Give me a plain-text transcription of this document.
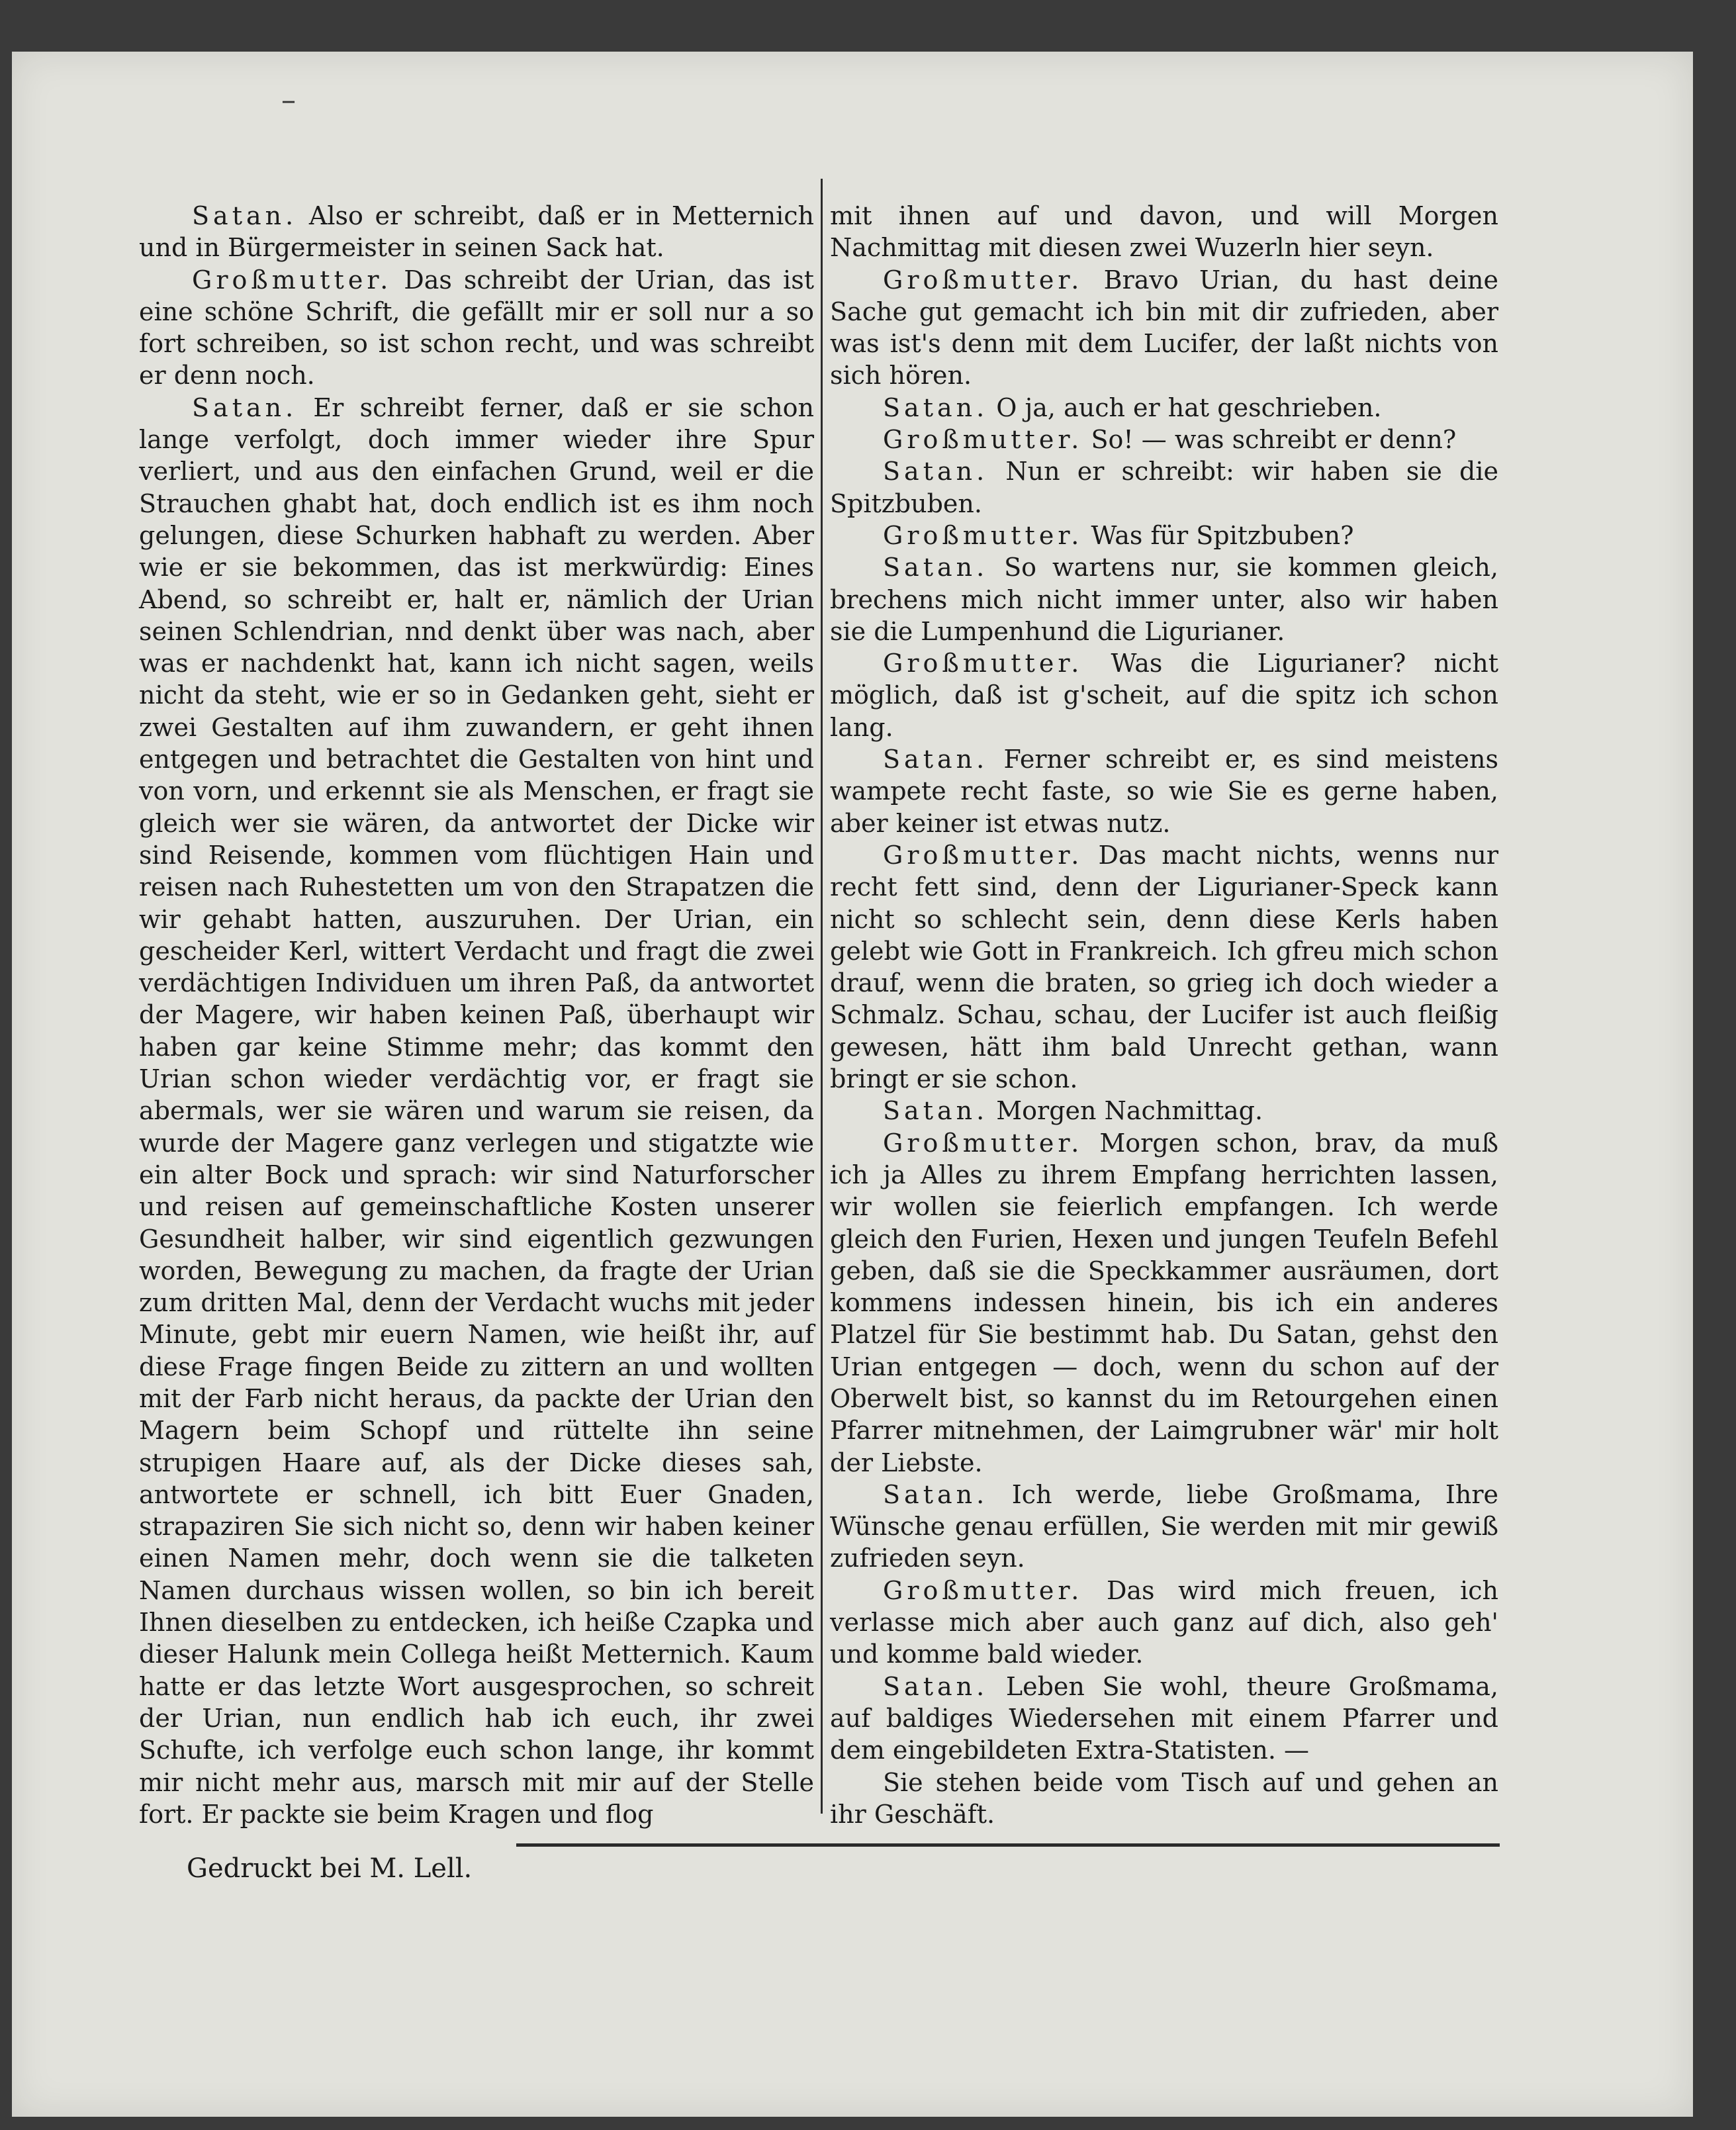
–

Satan. Also er schreibt, daß er in Metternich und in Bürgermeister in seinen Sack hat.

Großmutter. Das schreibt der Urian, das ist eine schöne Schrift, die gefällt mir er soll nur a so fort schreiben, so ist schon recht, und was schreibt er denn noch.

Satan. Er schreibt ferner, daß er sie schon lange verfolgt, doch immer wieder ihre Spur verliert, und aus den einfachen Grund, weil er die Strauchen ghabt hat, doch endlich ist es ihm noch gelungen, diese Schurken habhaft zu werden. Aber wie er sie bekommen, das ist merkwürdig: Eines Abend, so schreibt er, halt er, nämlich der Urian seinen Schlendrian, nnd denkt über was nach, aber was er nachdenkt hat, kann ich nicht sagen, weils nicht da steht, wie er so in Gedanken geht, sieht er zwei Gestalten auf ihm zuwandern, er geht ihnen entgegen und betrachtet die Gestalten von hint und von vorn, und erkennt sie als Menschen, er fragt sie gleich wer sie wären, da antwortet der Dicke wir sind Reisende, kommen vom flüchtigen Hain und reisen nach Ruhestetten um von den Strapatzen die wir gehabt hatten, auszuruhen. Der Urian, ein gescheider Kerl, wittert Verdacht und fragt die zwei verdächtigen Individuen um ihren Paß, da antwortet der Magere, wir haben keinen Paß, überhaupt wir haben gar keine Stimme mehr; das kommt den Urian schon wieder verdächtig vor, er fragt sie abermals, wer sie wären und warum sie reisen, da wurde der Magere ganz verlegen und stigatzte wie ein alter Bock und sprach: wir sind Naturforscher und reisen auf gemeinschaftliche Kosten unserer Gesundheit halber, wir sind eigentlich gezwungen worden, Bewegung zu machen, da fragte der Urian zum dritten Mal, denn der Verdacht wuchs mit jeder Minute, gebt mir euern Namen, wie heißt ihr, auf diese Frage fingen Beide zu zittern an und wollten mit der Farb nicht heraus, da packte der Urian den Magern beim Schopf und rüttelte ihn seine strupigen Haare auf, als der Dicke dieses sah, antwortete er schnell, ich bitt Euer Gnaden, strapaziren Sie sich nicht so, denn wir haben keiner einen Namen mehr, doch wenn sie die talketen Namen durchaus wissen wollen, so bin ich bereit Ihnen dieselben zu entdecken, ich heiße Czapka und dieser Halunk mein Collega heißt Metternich. Kaum hatte er das letzte Wort ausgesprochen, so schreit der Urian, nun endlich hab ich euch, ihr zwei Schufte, ich verfolge euch schon lange, ihr kommt mir nicht mehr aus, marsch mit mir auf der Stelle fort. Er packte sie beim Kragen und flog

mit ihnen auf und davon, und will Morgen Nachmittag mit diesen zwei Wuzerln hier seyn.

Großmutter. Bravo Urian, du hast deine Sache gut gemacht ich bin mit dir zufrieden, aber was ist's denn mit dem Lucifer, der laßt nichts von sich hören.

Satan. O ja, auch er hat geschrieben.

Großmutter. So! — was schreibt er denn?

Satan. Nun er schreibt: wir haben sie die Spitzbuben.

Großmutter. Was für Spitzbuben?

Satan. So wartens nur, sie kommen gleich, brechens mich nicht immer unter, also wir haben sie die Lumpenhund die Ligurianer.

Großmutter. Was die Ligurianer? nicht möglich, daß ist g'scheit, auf die spitz ich schon lang.

Satan. Ferner schreibt er, es sind meistens wampete recht faste, so wie Sie es gerne haben, aber keiner ist etwas nutz.

Großmutter. Das macht nichts, wenns nur recht fett sind, denn der Ligurianer-Speck kann nicht so schlecht sein, denn diese Kerls haben gelebt wie Gott in Frankreich. Ich gfreu mich schon drauf, wenn die braten, so grieg ich doch wieder a Schmalz. Schau, schau, der Lucifer ist auch fleißig gewesen, hätt ihm bald Unrecht gethan, wann bringt er sie schon.

Satan. Morgen Nachmittag.

Großmutter. Morgen schon, brav, da muß ich ja Alles zu ihrem Empfang herrichten lassen, wir wollen sie feierlich empfangen. Ich werde gleich den Furien, Hexen und jungen Teufeln Befehl geben, daß sie die Speckkammer ausräumen, dort kommens indessen hinein, bis ich ein anderes Platzel für Sie bestimmt hab. Du Satan, gehst den Urian entgegen — doch, wenn du schon auf der Oberwelt bist, so kannst du im Retourgehen einen Pfarrer mitnehmen, der Laimgrubner wär' mir holt der Liebste.

Satan. Ich werde, liebe Großmama, Ihre Wünsche genau erfüllen, Sie werden mit mir gewiß zufrieden seyn.

Großmutter. Das wird mich freuen, ich verlasse mich aber auch ganz auf dich, also geh' und komme bald wieder.

Satan. Leben Sie wohl, theure Großmama, auf baldiges Wiedersehen mit einem Pfarrer und dem eingebildeten Extra-Statisten. —

Sie stehen beide vom Tisch auf und gehen an ihr Geschäft.

Gedruckt bei M. Lell.
